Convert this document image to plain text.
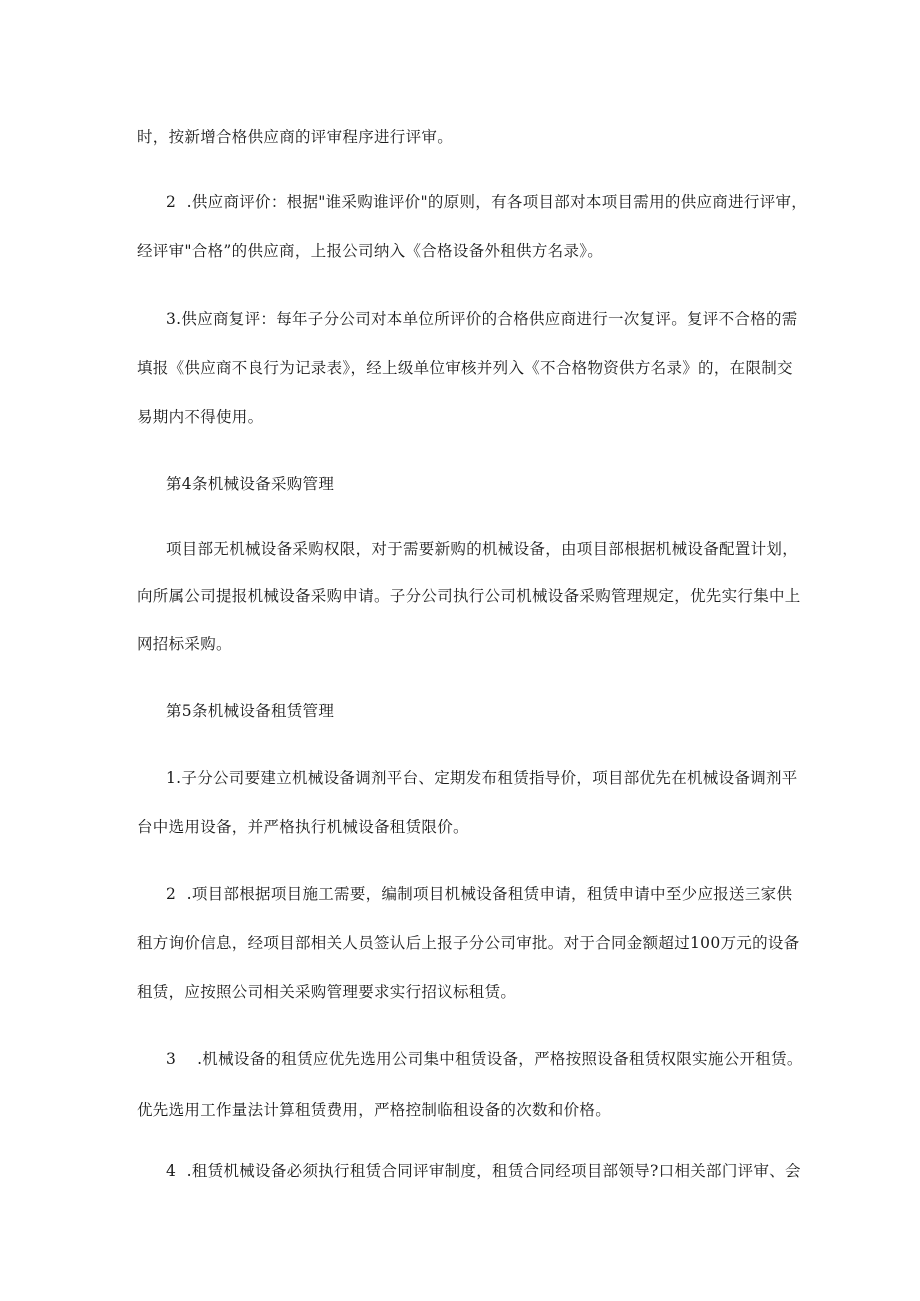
时，按新增合格供应商的评审程序进行评审。
2  .供应商评价：根据"谁采购谁评价"的原则，有各项目部对本项目需用的供应商进行评审，
经评审"合格”的供应商，上报公司纳入《合格设备外租供方名录》。
3.供应商复评：每年子分公司对本单位所评价的合格供应商进行一次复评。复评不合格的需
填报《供应商不良行为记录表》，经上级单位审核并列入《不合格物资供方名录》的，在限制交
易期内不得使用。
第4条机械设备采购管理
项目部无机械设备采购权限，对于需要新购的机械设备，由项目部根据机械设备配置计划，
向所属公司提报机械设备采购申请。子分公司执行公司机械设备采购管理规定，优先实行集中上
网招标采购。
第5条机械设备租赁管理
1.子分公司要建立机械设备调剂平台、定期发布租赁指导价，项目部优先在机械设备调剂平
台中选用设备，并严格执行机械设备租赁限价。
2  .项目部根据项目施工需要，编制项目机械设备租赁申请，租赁申请中至少应报送三家供
租方询价信息，经项目部相关人员签认后上报子分公司审批。对于合同金额超过100万元的设备
租赁，应按照公司相关采购管理要求实行招议标租赁。
3    .机械设备的租赁应优先选用公司集中租赁设备，严格按照设备租赁权限实施公开租赁。
优先选用工作量法计算租赁费用，严格控制临租设备的次数和价格。
4  .租赁机械设备必须执行租赁合同评审制度，租赁合同经项目部领导?口相关部门评审、会
